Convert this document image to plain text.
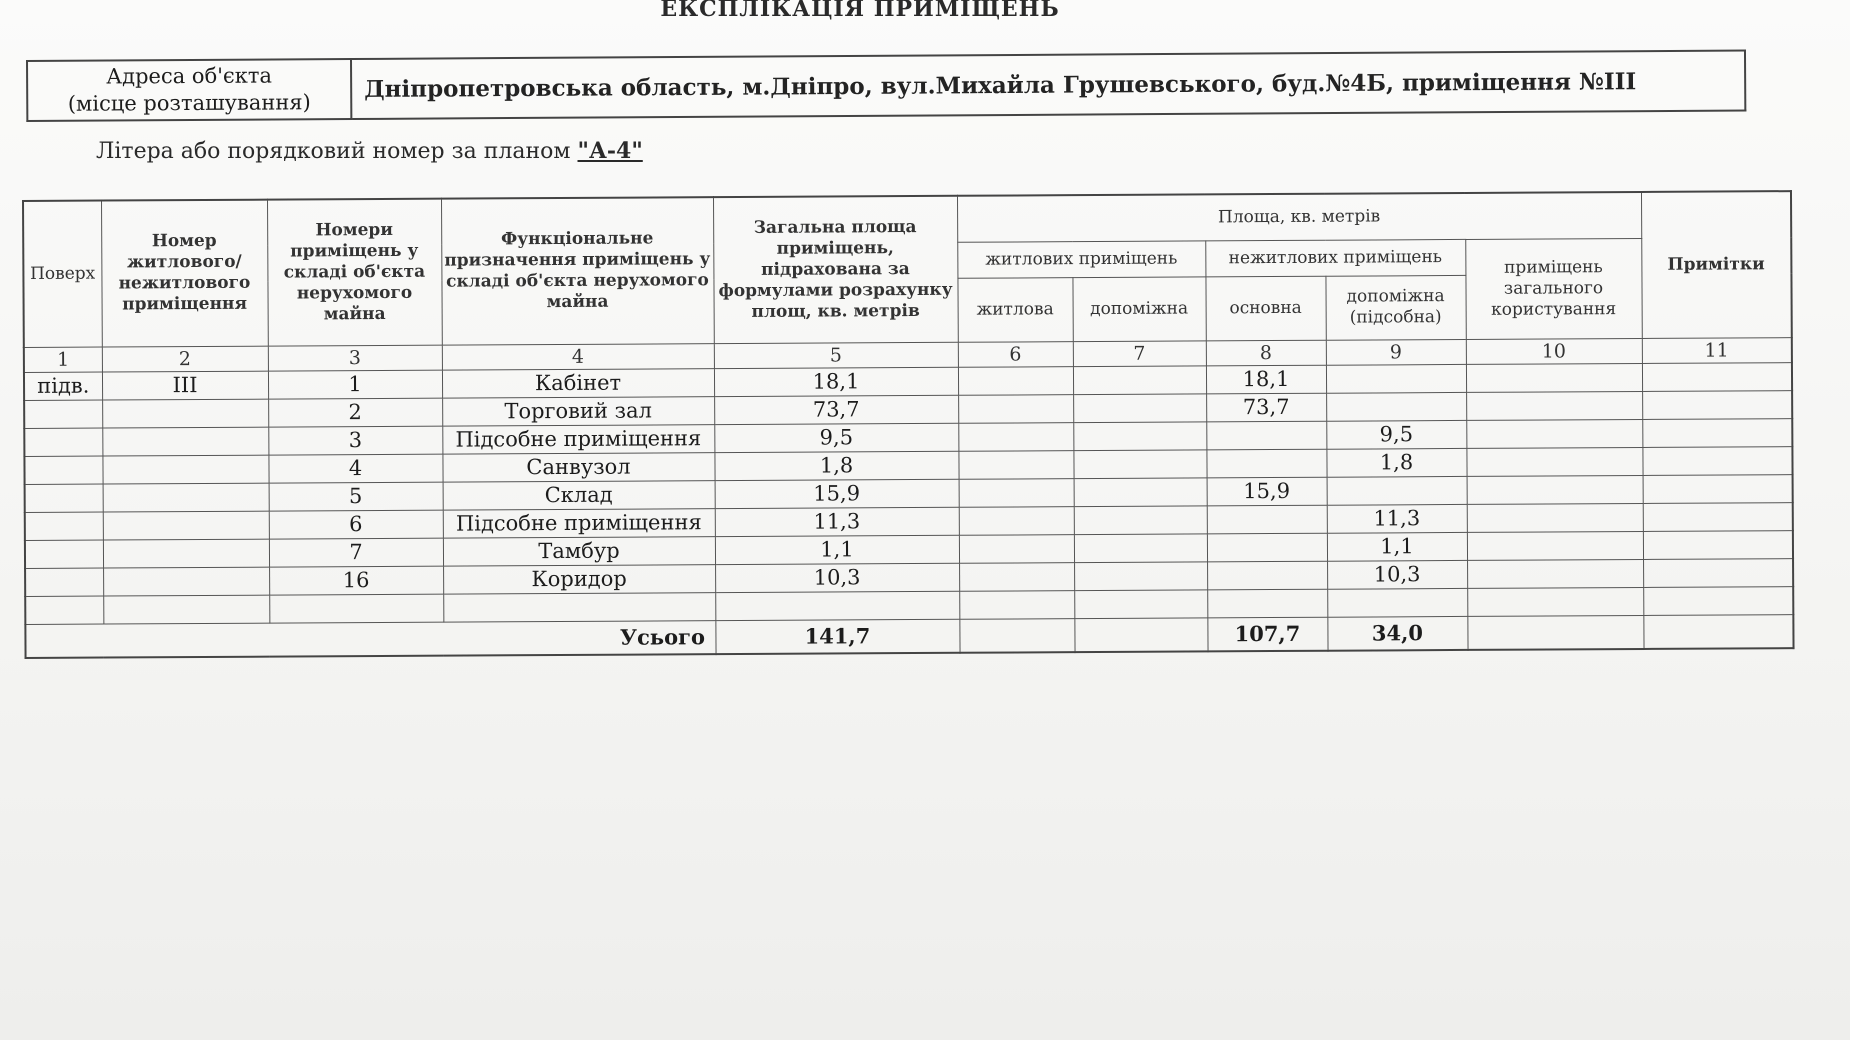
ЕКСПЛІКАЦІЯ ПРИМІЩЕНЬ
Адреса об'єкта
(місце розташування)
	Дніпропетровська область, м.Дніпро, вул.Михайла Грушевського, буд.№4Б, приміщення №III
Літера або порядковий номер за планом "А-4"
Поверх	Номер житлового/ нежитлового приміщення	Номери приміщень у складі об'єкта нерухомого майна	Функціональне призначення приміщень у складі об'єкта нерухомого майна	Загальна площа приміщень, підрахована за формулами розрахунку площ, кв. метрів	Площа, кв. метрів					Примітки
					житлових приміщень		нежитлових приміщень		приміщень загального користування	
					житлова	допоміжна	основна	допоміжна (підсобна)		
1	2	3	4	5	6	7	8	9	10	11
підв.	III	1	Кабінет	18,1			18,1			
		2	Торговий зал	73,7			73,7			
		3	Підсобне приміщення	9,5				9,5		
		4	Санвузол	1,8				1,8		
		5	Склад	15,9			15,9			
		6	Підсобне приміщення	11,3				11,3		
		7	Тамбур	1,1				1,1		
		16	Коридор	10,3				10,3		

Усього				141,7			107,7	34,0		
